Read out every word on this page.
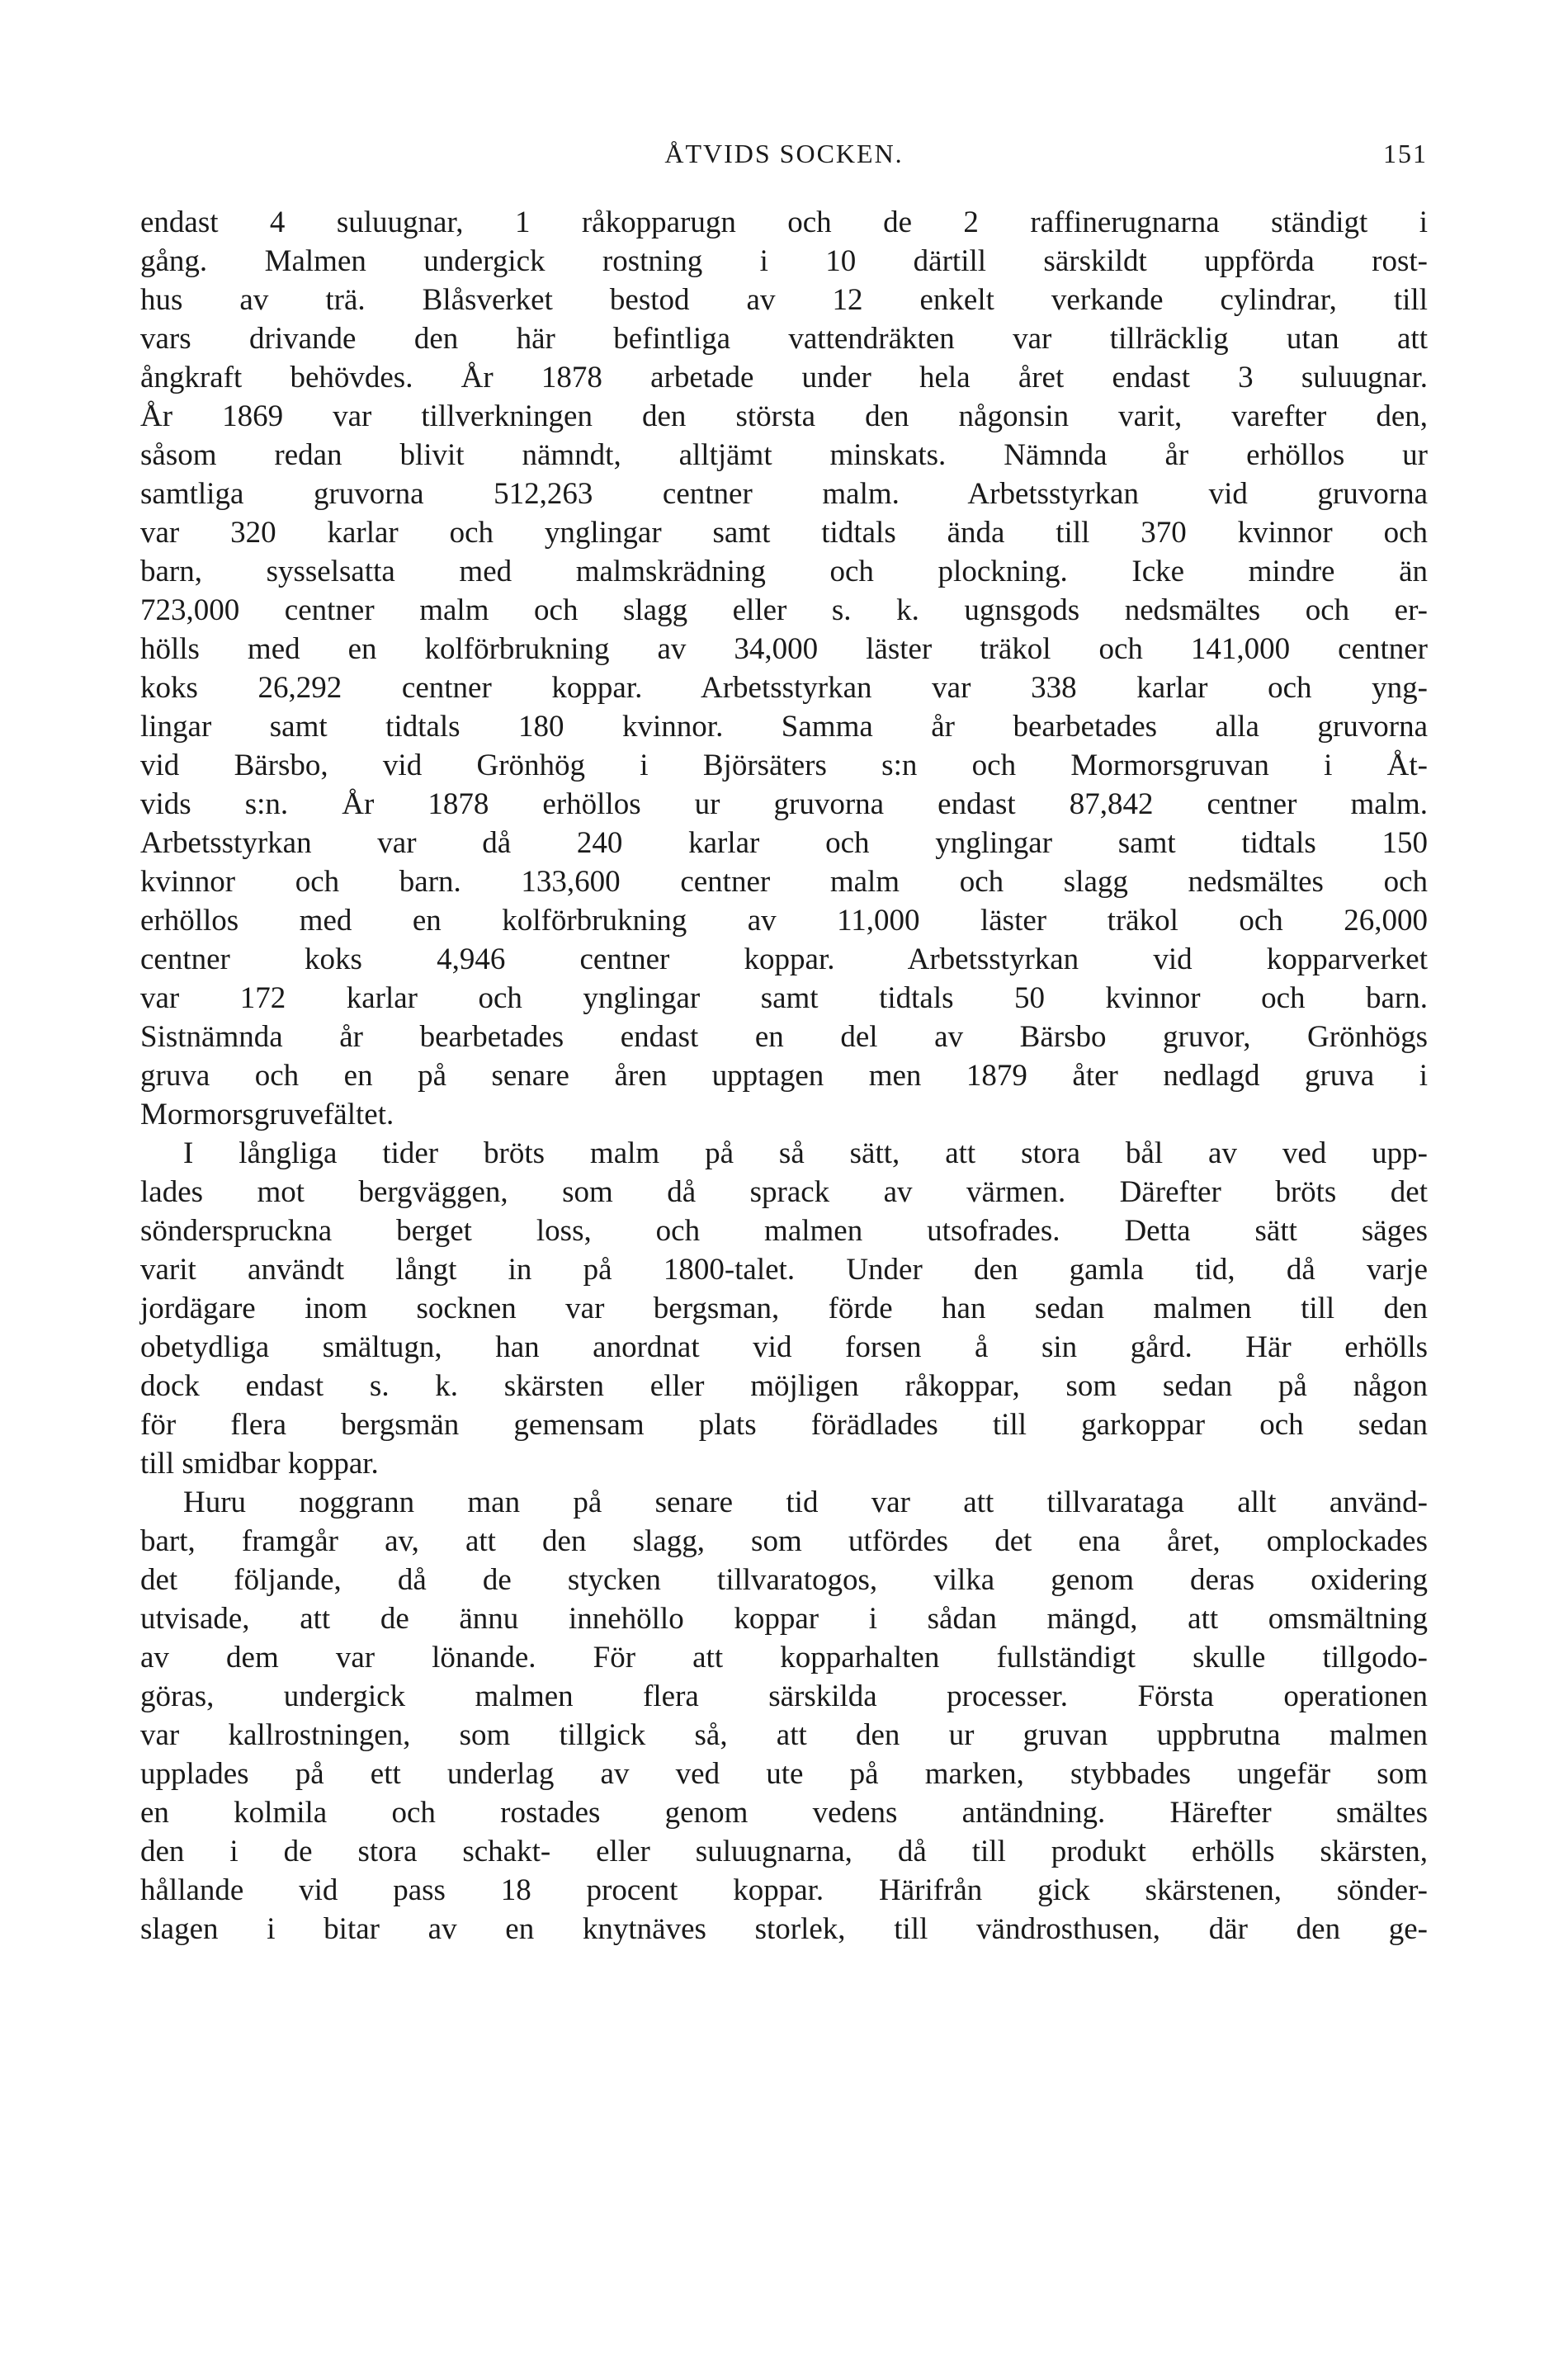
ÅTVIDS SOCKEN.	151
endast 4 suluugnar, 1 råkopparugn och de 2 raffinerugnarna ständigt i
gång. Malmen undergick rostning i 10 därtill särskildt uppförda rost-
hus av trä. Blåsverket bestod av 12 enkelt verkande cylindrar, till
vars drivande den här befintliga vattendräkten var tillräcklig utan att
ångkraft behövdes. År 1878 arbetade under hela året endast 3 suluugnar.
År 1869 var tillverkningen den största den någonsin varit, varefter den,
såsom redan blivit nämndt, alltjämt minskats. Nämnda år erhöllos ur
samtliga gruvorna 512,263 centner malm. Arbetsstyrkan vid gruvorna
var 320 karlar och ynglingar samt tidtals ända till 370 kvinnor och
barn, sysselsatta med malmskrädning och plockning. Icke mindre än
723,000 centner malm och slagg eller s. k. ugnsgods nedsmältes och er-
hölls med en kolförbrukning av 34,000 läster träkol och 141,000 centner
koks 26,292 centner koppar. Arbetsstyrkan var 338 karlar och yng-
lingar samt tidtals 180 kvinnor. Samma år bearbetades alla gruvorna
vid Bärsbo, vid Grönhög i Björsäters s:n och Mormorsgruvan i Åt-
vids s:n. År 1878 erhöllos ur gruvorna endast 87,842 centner malm.
Arbetsstyrkan var då 240 karlar och ynglingar samt tidtals 150
kvinnor och barn. 133,600 centner malm och slagg nedsmältes och
erhöllos med en kolförbrukning av 11,000 läster träkol och 26,000
centner koks 4,946 centner koppar. Arbetsstyrkan vid kopparverket
var 172 karlar och ynglingar samt tidtals 50 kvinnor och barn.
Sistnämnda år bearbetades endast en del av Bärsbo gruvor, Grönhögs
gruva och en på senare åren upptagen men 1879 åter nedlagd gruva i
Mormorsgruvefältet.
I långliga tider bröts malm på så sätt, att stora bål av ved upp-
lades mot bergväggen, som då sprack av värmen. Därefter bröts det
sönderspruckna berget loss, och malmen utsofrades. Detta sätt säges
varit användt långt in på 1800-talet. Under den gamla tid, då varje
jordägare inom socknen var bergsman, förde han sedan malmen till den
obetydliga smältugn, han anordnat vid forsen å sin gård. Här erhölls
dock endast s. k. skärsten eller möjligen råkoppar, som sedan på någon
för flera bergsmän gemensam plats förädlades till garkoppar och sedan
till smidbar koppar.
Huru noggrann man på senare tid var att tillvarataga allt använd-
bart, framgår av, att den slagg, som utfördes det ena året, omplockades
det följande, då de stycken tillvaratogos, vilka genom deras oxidering
utvisade, att de ännu innehöllo koppar i sådan mängd, att omsmältning
av dem var lönande. För att kopparhalten fullständigt skulle tillgodo-
göras, undergick malmen flera särskilda processer. Första operationen
var kallrostningen, som tillgick så, att den ur gruvan uppbrutna malmen
upplades på ett underlag av ved ute på marken, stybbades ungefär som
en kolmila och rostades genom vedens antändning. Härefter smältes
den i de stora schakt- eller suluugnarna, då till produkt erhölls skärsten,
hållande vid pass 18 procent koppar. Härifrån gick skärstenen, sönder-
slagen i bitar av en knytnäves storlek, till vändrosthusen, där den ge-
